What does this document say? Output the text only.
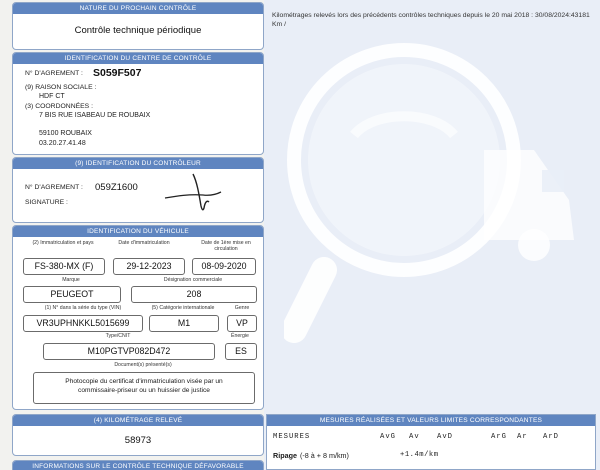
NATURE DU PROCHAIN CONTRÔLE
Contrôle technique périodique
IDENTIFICATION DU CENTRE DE CONTRÔLE
N° D'AGREMENT : S059F507
(9) RAISON SOCIALE :
HDF CT
(3) COORDONNÉES :
7 BIS RUE ISABEAU DE ROUBAIX
59100 ROUBAIX
03.20.27.41.48
(9) IDENTIFICATION DU CONTRÔLEUR
N° D'AGREMENT : 059Z1600
SIGNATURE :
IDENTIFICATION DU VÉHICULE
(2) Immatriculation et pays	Date d'immatriculation	Date de 1ère mise en circulation
FS-380-MX (F)	29-12-2023	08-09-2020
Marque	Désignation commerciale
PEUGEOT	208
(1) N° dans la série du type (VIN)	(5) Catégorie internationale	Genre
VR3UPHNKKL5015699	M1	VP
Type/CNIT	Énergie
M10PGTVP082D472	ES
Document(s) présenté(s)
Photocopie du certificat d'immatriculation visée par un
commissaire-priseur ou un huissier de justice
(4) KILOMÉTRAGE RELEVÉ
58973
INFORMATIONS SUR LE CONTRÔLE TECHNIQUE DÉFAVORABLE
Kilométrages relevés lors des précédents contrôles techniques depuis le 20 mai 2018 : 30/08/2024:43181 Km /
MESURES RÉALISÉES ET VALEURS LIMITES CORRESPONDANTES
MESURES	AvG Av AvD	ArG Ar ArD
Ripage (-8 à + 8 m/km)	+1.4m/km
